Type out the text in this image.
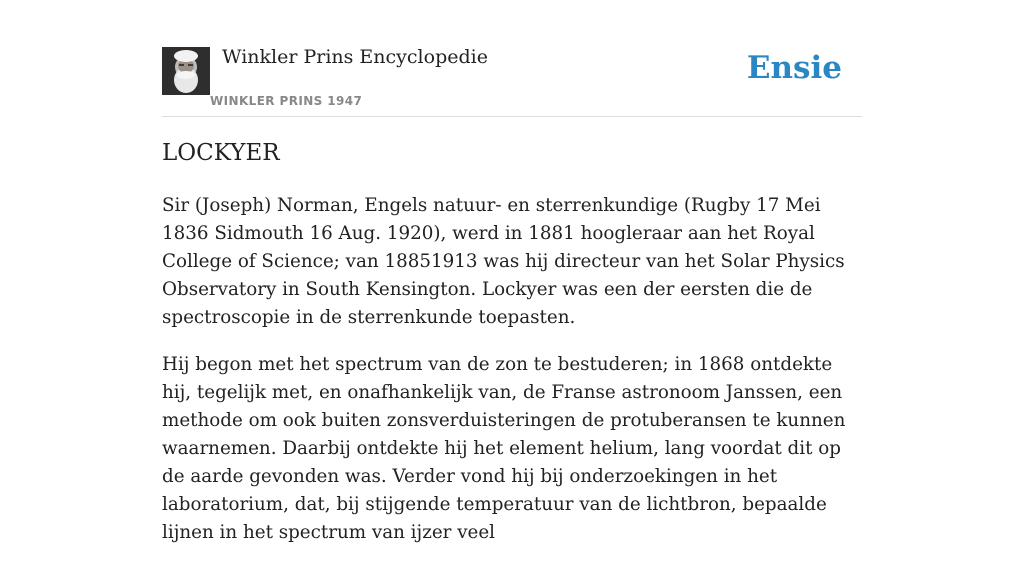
Winkler Prins Encyclopedie
WINKLER PRINS 1947
Ensie
LOCKYER

Sir (Joseph) Norman, Engels natuur- en sterrenkundige (Rugby 17 Mei 1836 Sidmouth 16 Aug. 1920), werd in 1881 hoogleraar aan het Royal College of Science; van 18851913 was hij directeur van het Solar Physics Observatory in South Kensington. Lockyer was een der eersten die de spectroscopie in de sterrenkunde toepasten.

Hij begon met het spectrum van de zon te bestuderen; in 1868 ontdekte hij, tegelijk met, en onafhankelijk van, de Franse astronoom Janssen, een methode om ook buiten zonsverduisteringen de protuberansen te kunnen waarnemen. Daarbij ontdekte hij het element helium, lang voordat dit op de aarde gevonden was. Verder vond hij bij onderzoekingen in het laboratorium, dat, bij stijgende temperatuur van de lichtbron, bepaalde lijnen in het spectrum van ijzer veel
